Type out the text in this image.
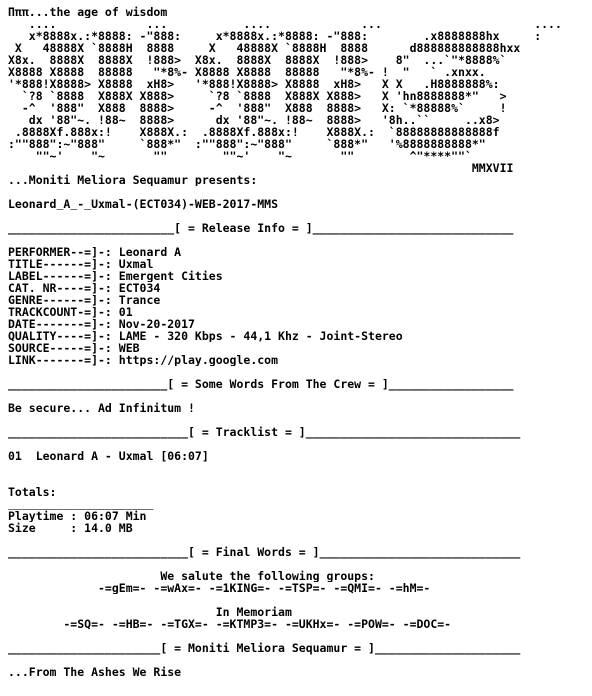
Πππ...the age of wisdom
....             ...           ....             ...                      ....
x*8888x.:*8888: -"888:     x*8888x.:*8888: -"888:        .x8888888hx     :
X   48888X `8888H  8888     X   48888X `8888H  8888      d888888888888hxx
X8x.  8888X  8888X  !888>  X8x.  8888X  8888X  !888>    8"  ...`"*8888%`
X8888 X8888  88888   "*8%- X8888 X8888  88888   "*8%- !  "   ` .xnxx.
'*888!X8888> X8888  xH8>   '*888!X8888> X8888  xH8>   X X   .H8888888%:
`?8 `8888  X888X X888>     `?8 `8888  X888X X888>   X 'hn8888888*"   >
-^  '888"  X888  8888>     -^  '888"  X888  8888>   X: `*88888%`     !
dx '88"~. !88~  8888>      dx '88"~. !88~  8888>   '8h..``     ..x8>
.8888Xf.888x:!    X888X.:  .8888Xf.888x:!    X888X.:  `88888888888888f
:""888":~"888"     `888*"  :""888":~"888"     `888*"   '%8888888888*"
""~'    "~       ""        ""~'    "~       ""        ^"****""`
MMXVII
...Moniti Meliora Sequamur presents:
Leonard_A_-_Uxmal-(ECT034)-WEB-2017-MMS
________________________[ = Release Info = ]_____________________________
PERFORMER--=]-: Leonard A
TITLE------=]-: Uxmal
LABEL------=]-: Emergent Cities
CAT. NR----=]-: ECT034
GENRE------=]-: Trance
TRACKCOUNT-=]-: 01
DATE-------=]-: Nov-20-2017
QUALITY----=]-: LAME - 320 Kbps - 44,1 Khz - Joint-Stereo
SOURCE-----=]-: WEB
LINK-------=]-: https://play.google.com
_______________________[ = Some Words From The Crew = ]__________________
Be secure... Ad Infinitum !
__________________________[ = Tracklist = ]_______________________________
01  Leonard A - Uxmal [06:07]
Totals:
_____________________
Playtime : 06:07 Min
Size     : 14.0 MB
__________________________[ = Final Words = ]_____________________________
We salute the following groups:
-=gEm=- -=wAx=- -=1KING=- -=TSP=- -=QMI=- -=hM=-
In Memoriam
-=SQ=- -=HB=- -=TGX=- -=KTMP3=- -=UKHx=- -=POW=- -=DOC=-
______________________[ = Moniti Meliora Sequamur = ]_____________________
...From The Ashes We Rise
